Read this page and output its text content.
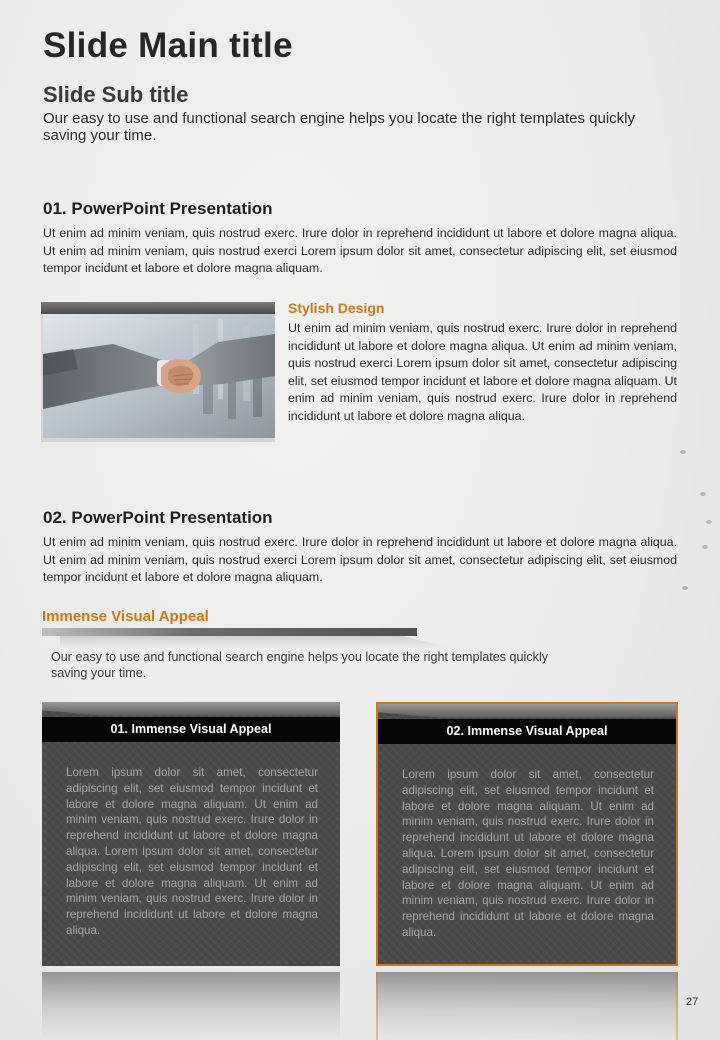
Slide Main title
Slide Sub title

Our easy to use and functional search engine helps you locate the right templates quickly saving your time.

01. PowerPoint Presentation

Ut enim ad minim veniam, quis nostrud exerc. Irure dolor in reprehend incididunt ut labore et dolore magna aliqua. Ut enim ad minim veniam, quis nostrud exerci Lorem ipsum dolor sit amet, consectetur adipiscing elit, set eiusmod tempor incidunt et labore et dolore magna aliquam.

Stylish Design

Ut enim ad minim veniam, quis nostrud exerc. Irure dolor in reprehend incididunt ut labore et dolore magna aliqua. Ut enim ad minim veniam, quis nostrud exerci Lorem ipsum dolor sit amet, consectetur adipiscing elit, set eiusmod tempor incidunt et labore et dolore magna aliquam. Ut enim ad minim veniam, quis nostrud exerc. Irure dolor in reprehend incididunt ut labore et dolore magna aliqua.

02. PowerPoint Presentation

Ut enim ad minim veniam, quis nostrud exerc. Irure dolor in reprehend incididunt ut labore et dolore magna aliqua. Ut enim ad minim veniam, quis nostrud exerci Lorem ipsum dolor sit amet, consectetur adipiscing elit, set eiusmod tempor incidunt et labore et dolore magna aliquam.

Immense Visual Appeal

Our easy to use and functional search engine helps you locate the right templates quickly saving your time.

01. Immense Visual Appeal

Lorem ipsum dolor sit amet, consectetur adipiscing elit, set eiusmod tempor incidunt et labore et dolore magna aliquam. Ut enim ad minim veniam, quis nostrud exerc. Irure dolor in reprehend incididunt ut labore et dolore magna aliqua. Lorem ipsum dolor sit amet, consectetur adipiscing elit, set eiusmod tempor incidunt et labore et dolore magna aliquam. Ut enim ad minim veniam, quis nostrud exerc. Irure dolor in reprehend incididunt ut labore et dolore magna aliqua.

02. Immense Visual Appeal

Lorem ipsum dolor sit amet, consectetur adipiscing elit, set eiusmod tempor incidunt et labore et dolore magna aliquam. Ut enim ad minim veniam, quis nostrud exerc. Irure dolor in reprehend incididunt ut labore et dolore magna aliqua. Lorem ipsum dolor sit amet, consectetur adipiscing elit, set eiusmod tempor incidunt et labore et dolore magna aliquam. Ut enim ad minim veniam, quis nostrud exerc. Irure dolor in reprehend incididunt ut labore et dolore magna aliqua.

27
